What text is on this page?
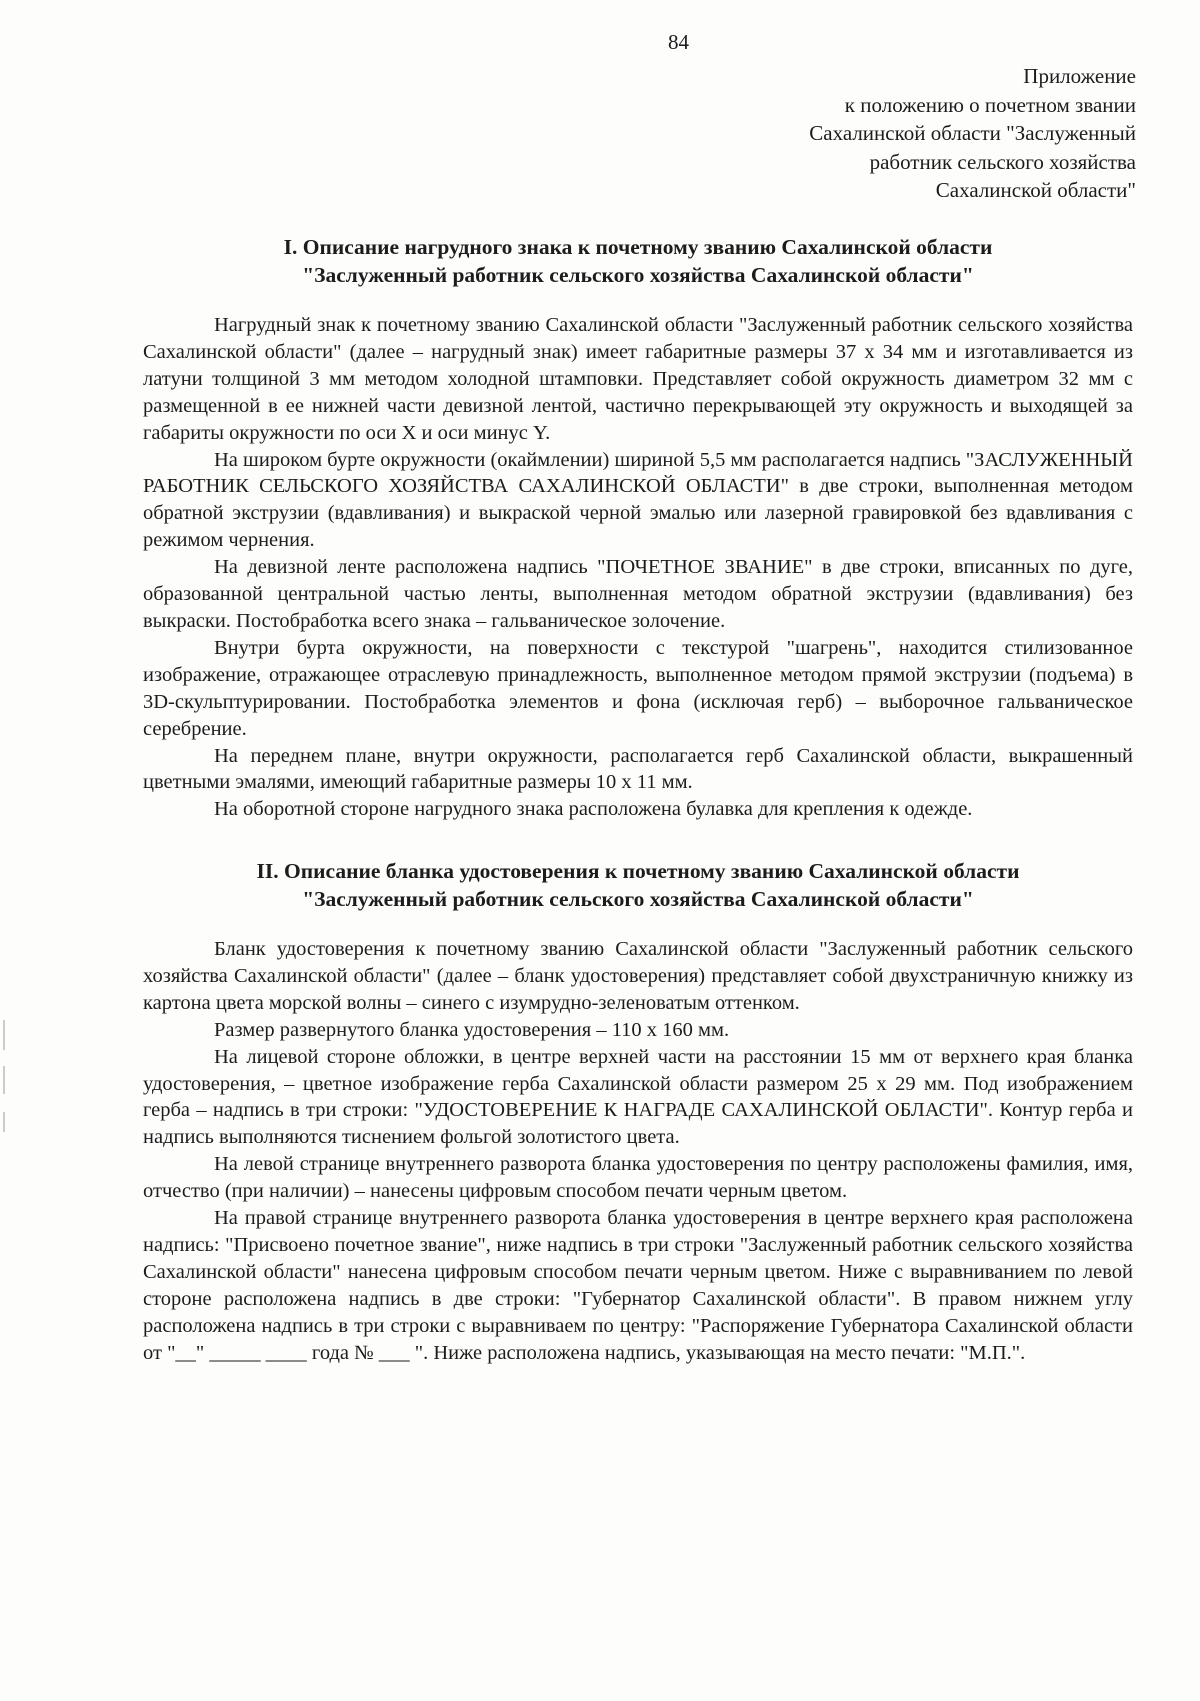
84
Приложение
к положению о почетном звании
Сахалинской области "Заслуженный
работник сельского хозяйства
Сахалинской области"
I. Описание нагрудного знака к почетному званию Сахалинской области
"Заслуженный работник сельского хозяйства Сахалинской области"

Нагрудный знак к почетному званию Сахалинской области "Заслуженный работник сельского хозяйства Сахалинской области" (далее – нагрудный знак) имеет габаритные размеры 37 х 34 мм и изготавливается из латуни толщиной 3 мм методом холодной штамповки. Представляет собой окружность диаметром 32 мм с размещенной в ее нижней части девизной лентой, частично перекрывающей эту окружность и выходящей за габариты окружности по оси X и оси минус Y.

На широком бурте окружности (окаймлении) шириной 5,5 мм располагается надпись "ЗАСЛУЖЕННЫЙ РАБОТНИК СЕЛЬСКОГО ХОЗЯЙСТВА САХАЛИНСКОЙ ОБЛАСТИ" в две строки, выполненная методом обратной экструзии (вдавливания) и выкраской черной эмалью или лазерной гравировкой без вдавливания с режимом чернения.

На девизной ленте расположена надпись "ПОЧЕТНОЕ ЗВАНИЕ" в две строки, вписанных по дуге, образованной центральной частью ленты, выполненная методом обратной экструзии (вдавливания) без выкраски. Постобработка всего знака – гальваническое золочение.

Внутри бурта окружности, на поверхности с текстурой "шагрень", находится стилизованное изображение, отражающее отраслевую принадлежность, выполненное методом прямой экструзии (подъема) в 3D-скульптурировании. Постобработка элементов и фона (исключая герб) – выборочное гальваническое серебрение.

На переднем плане, внутри окружности, располагается герб Сахалинской области, выкрашенный цветными эмалями, имеющий габаритные размеры 10 х 11 мм.

На оборотной стороне нагрудного знака расположена булавка для крепления к одежде.

II. Описание бланка удостоверения к почетному званию Сахалинской области
"Заслуженный работник сельского хозяйства Сахалинской области"

Бланк удостоверения к почетному званию Сахалинской области "Заслуженный работник сельского хозяйства Сахалинской области" (далее – бланк удостоверения) представляет собой двухстраничную книжку из картона цвета морской волны – синего с изумрудно-зеленоватым оттенком.

Размер развернутого бланка удостоверения – 110 х 160 мм.

На лицевой стороне обложки, в центре верхней части на расстоянии 15 мм от верхнего края бланка удостоверения, – цветное изображение герба Сахалинской области размером 25 х 29 мм. Под изображением герба – надпись в три строки: "УДОСТОВЕРЕНИЕ К НАГРАДЕ САХАЛИНСКОЙ ОБЛАСТИ". Контур герба и надпись выполняются тиснением фольгой золотистого цвета.

На левой странице внутреннего разворота бланка удостоверения по центру расположены фамилия, имя, отчество (при наличии) – нанесены цифровым способом печати черным цветом.

На правой странице внутреннего разворота бланка удостоверения в центре верхнего края расположена надпись: "Присвоено почетное звание", ниже надпись в три строки "Заслуженный работник сельского хозяйства Сахалинской области" нанесена цифровым способом печати черным цветом. Ниже с выравниванием по левой стороне расположена надпись в две строки: "Губернатор Сахалинской области". В правом нижнем углу расположена надпись в три строки с выравниваем по центру: "Распоряжение Губернатора Сахалинской области от "__" _____ ____ года № ___ ". Ниже расположена надпись, указывающая на место печати: "М.П.".
